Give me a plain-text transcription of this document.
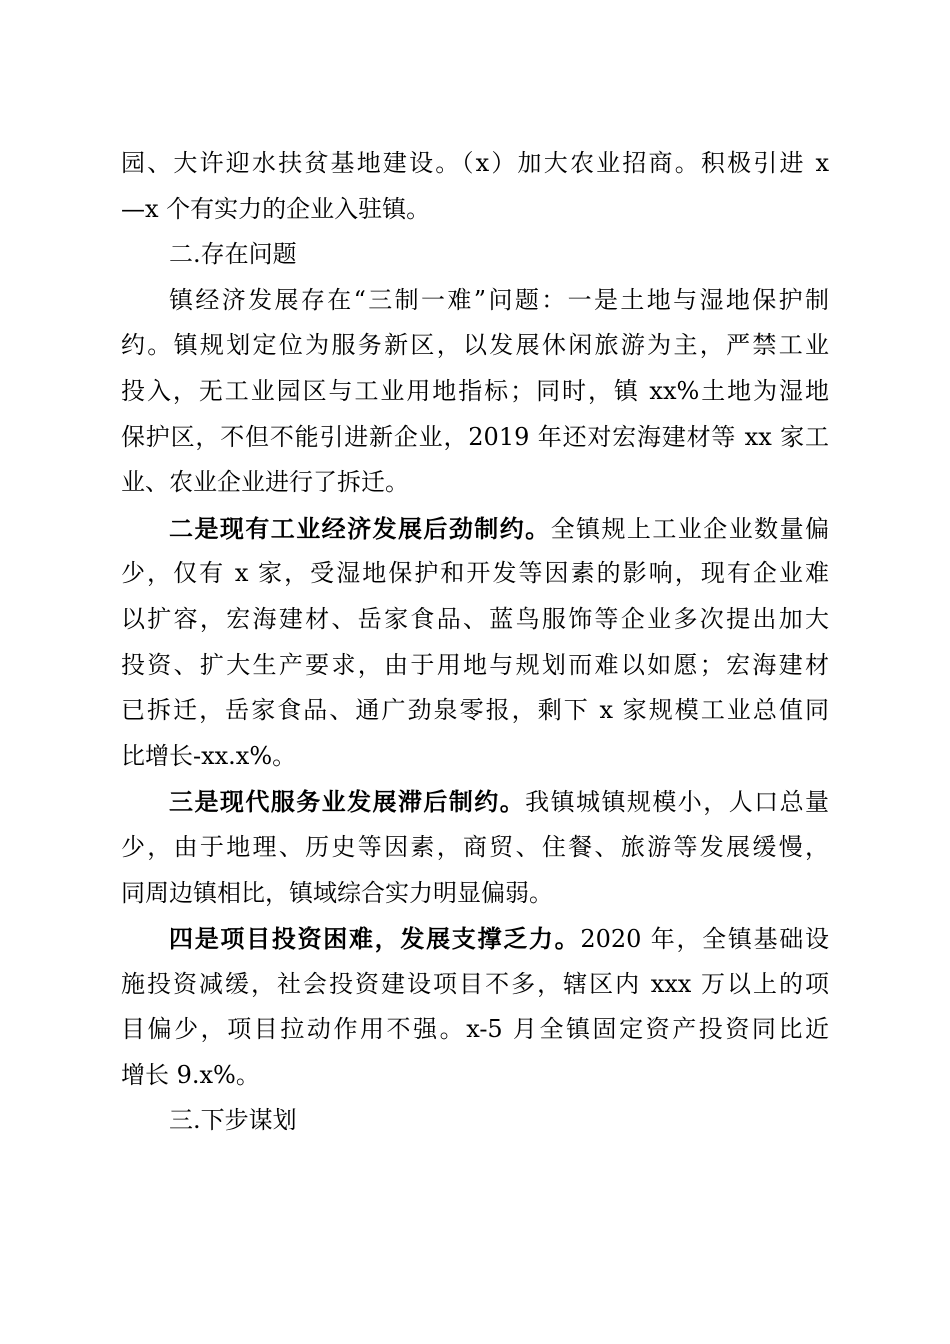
园、大许迎水扶贫基地建设。（x）加大农业招商。积极引进 x
—x 个有实力的企业入驻镇。
二.存在问题
镇经济发展存在“三制一难”问题：一是土地与湿地保护制
约。镇规划定位为服务新区，以发展休闲旅游为主，严禁工业
投入，无工业园区与工业用地指标；同时，镇 xx%土地为湿地
保护区，不但不能引进新企业，2019 年还对宏海建材等 xx 家工
业、农业企业进行了拆迁。
二是现有工业经济发展后劲制约。全镇规上工业企业数量偏
少，仅有 x 家，受湿地保护和开发等因素的影响，现有企业难
以扩容，宏海建材、岳家食品、蓝鸟服饰等企业多次提出加大
投资、扩大生产要求，由于用地与规划而难以如愿；宏海建材
已拆迁，岳家食品、通广劲泉零报，剩下 x 家规模工业总值同
比增长-xx.x%。
三是现代服务业发展滞后制约。我镇城镇规模小，人口总量
少，由于地理、历史等因素，商贸、住餐、旅游等发展缓慢，
同周边镇相比，镇域综合实力明显偏弱。
四是项目投资困难，发展支撑乏力。2020 年，全镇基础设
施投资减缓，社会投资建设项目不多，辖区内 xxx 万以上的项
目偏少，项目拉动作用不强。x-5 月全镇固定资产投资同比近
增长 9.x%。
三.下步谋划
